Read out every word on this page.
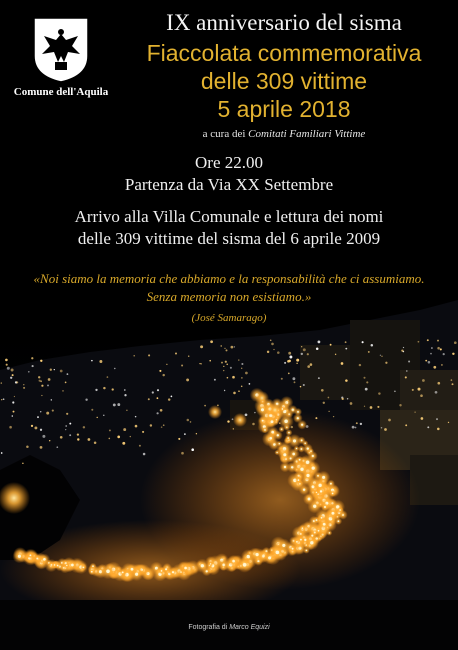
Comune dell'Aquila
IX anniversario del sisma
Fiaccolata commemorativa
delle 309 vittime
5 aprile 2018
a cura dei Comitati Familiari Vittime
Ore 22.00
Partenza da Via XX Settembre
Arrivo alla Villa Comunale e lettura dei nomi
delle 309 vittime del sisma del 6 aprile 2009
«Noi siamo la memoria che abbiamo e la responsabilità che ci assumiamo.
Senza memoria non esistiamo.»
(José Samarago)
Fotografia di Marco Equizi
